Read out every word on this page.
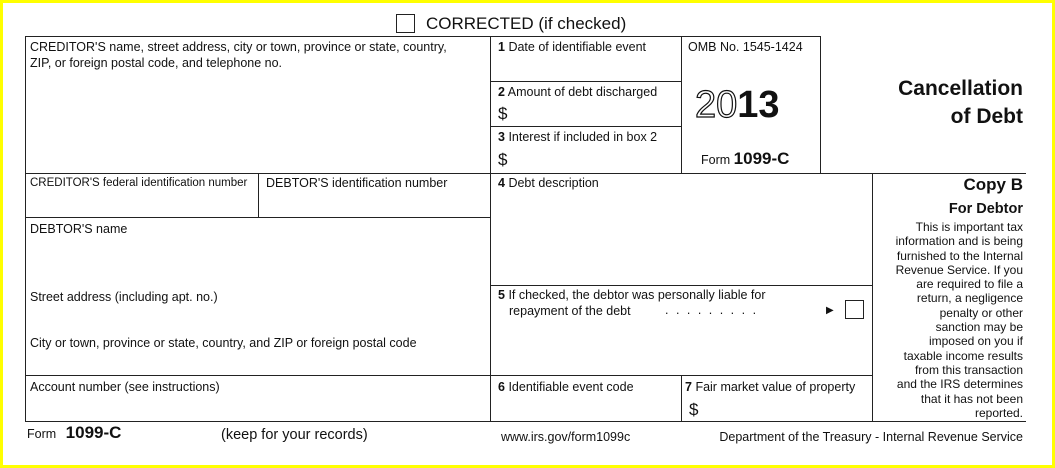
CORRECTED (if checked)
CREDITOR'S name, street address, city or town, province or state, country,
ZIP, or foreign postal code, and telephone no.
1 Date of identifiable event
2 Amount of debt discharged
$
3 Interest if included in box 2
$
OMB No. 1545-1424
2013
Form 1099-C
Cancellation
of Debt
CREDITOR'S federal identification number DEBTOR'S identification number	4 Debt description	Copy B
For Debtor
This is important tax
information and is being
furnished to the Internal
Revenue Service. If you
are required to file a
return, a negligence
penalty or other
sanction may be
imposed on you if
taxable income results
from this transaction
and the IRS determines
that it has not been
reported.
DEBTOR'S name
Street address (including apt. no.)
City or town, province or state, country, and ZIP or foreign postal code
5 If checked, the debtor was personally liable for
repayment of the debt	. . . . . . . . .	▶
Account number (see instructions)	6 Identifiable event code	7 Fair market value of property
$
Form 1099-C	(keep for your records)	www.irs.gov/form1099c	Department of the Treasury - Internal Revenue Service
